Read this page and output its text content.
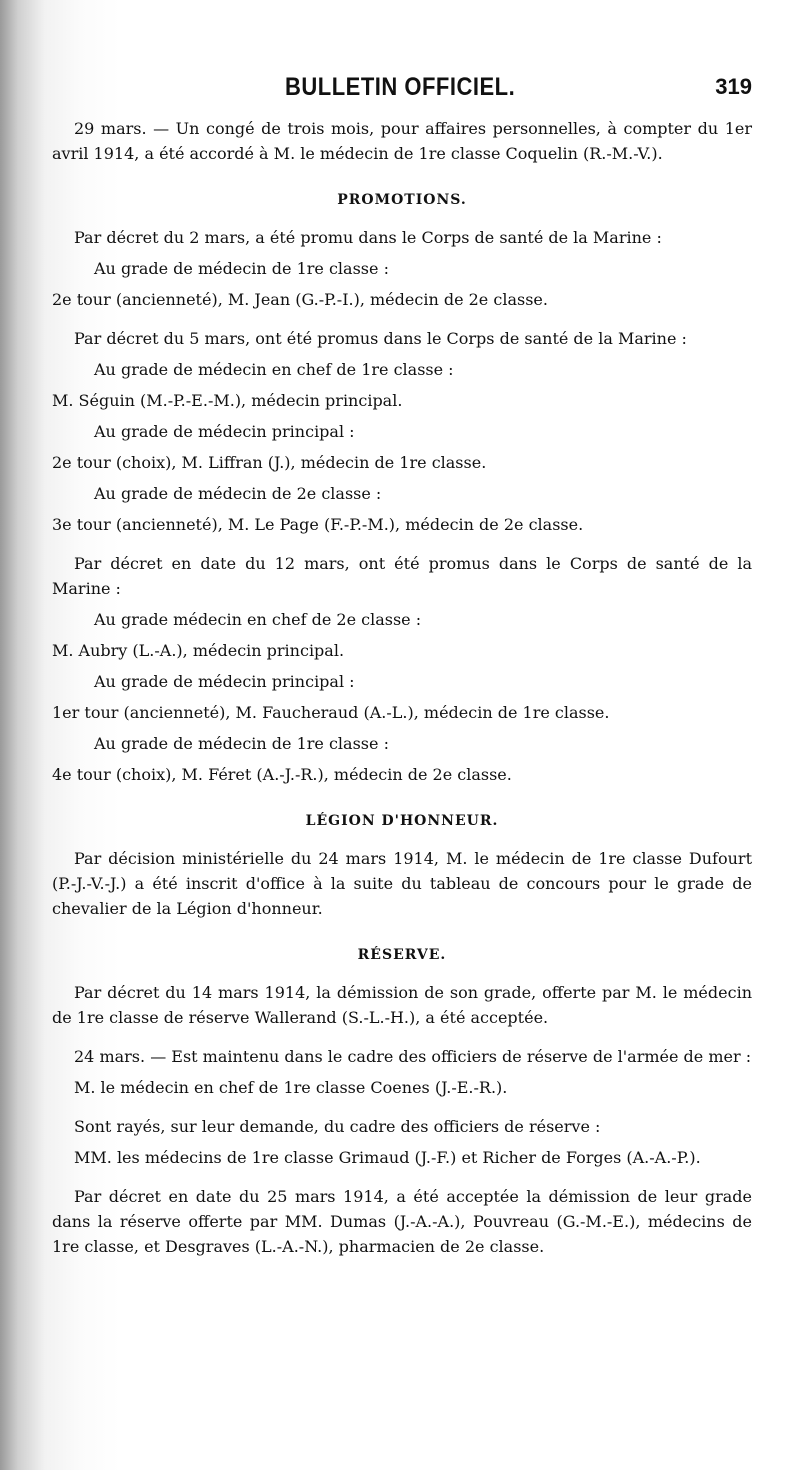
BULLETIN OFFICIEL.	319

29 mars. — Un congé de trois mois, pour affaires personnelles, à compter du 1er avril 1914, a été accordé à M. le médecin de 1re classe Coquelin (R.-M.-V.).

PROMOTIONS.

Par décret du 2 mars, a été promu dans le Corps de santé de la Marine :

Au grade de médecin de 1re classe :

2e tour (ancienneté), M. Jean (G.-P.-I.), médecin de 2e classe.

Par décret du 5 mars, ont été promus dans le Corps de santé de la Marine :

Au grade de médecin en chef de 1re classe :

M. Séguin (M.-P.-E.-M.), médecin principal.

Au grade de médecin principal :

2e tour (choix), M. Liffran (J.), médecin de 1re classe.

Au grade de médecin de 2e classe :

3e tour (ancienneté), M. Le Page (F.-P.-M.), médecin de 2e classe.

Par décret en date du 12 mars, ont été promus dans le Corps de santé de la Marine :

Au grade médecin en chef de 2e classe :

M. Aubry (L.-A.), médecin principal.

Au grade de médecin principal :

1er tour (ancienneté), M. Faucheraud (A.-L.), médecin de 1re classe.

Au grade de médecin de 1re classe :

4e tour (choix), M. Féret (A.-J.-R.), médecin de 2e classe.

LÉGION D'HONNEUR.

Par décision ministérielle du 24 mars 1914, M. le médecin de 1re classe Dufourt (P.-J.-V.-J.) a été inscrit d'office à la suite du tableau de concours pour le grade de chevalier de la Légion d'honneur.

RÉSERVE.

Par décret du 14 mars 1914, la démission de son grade, offerte par M. le médecin de 1re classe de réserve Wallerand (S.-L.-H.), a été acceptée.

24 mars. — Est maintenu dans le cadre des officiers de réserve de l'armée de mer :

M. le médecin en chef de 1re classe Coenes (J.-E.-R.).

Sont rayés, sur leur demande, du cadre des officiers de réserve :

MM. les médecins de 1re classe Grimaud (J.-F.) et Richer de Forges (A.-A.-P.).

Par décret en date du 25 mars 1914, a été acceptée la démission de leur grade dans la réserve offerte par MM. Dumas (J.-A.-A.), Pouvreau (G.-M.-E.), médecins de 1re classe, et Desgraves (L.-A.-N.), pharmacien de 2e classe.
